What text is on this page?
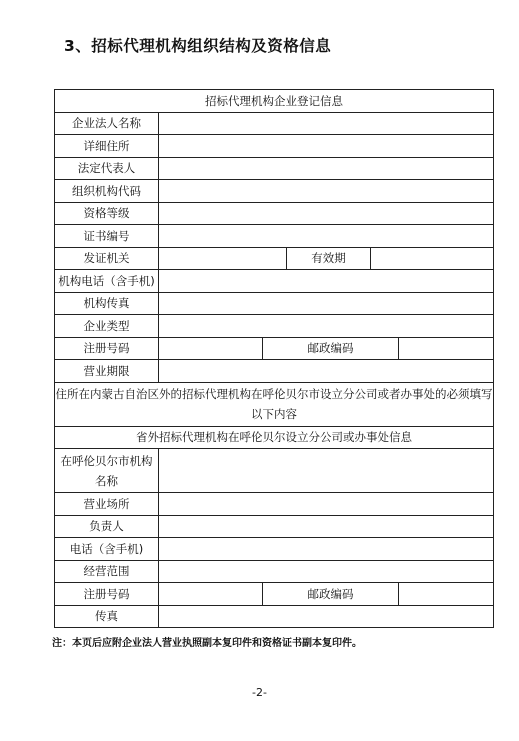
3、招标代理机构组织结构及资格信息
招标代理机构企业登记信息					
企业法人名称					
详细住所					
法定代表人					
组织机构代码					
资格等级					
证书编号					
发证机关			有效期		
机构电话（含手机)					
机构传真					
企业类型					
注册号码		邮政编码			
营业期限					
住所在内蒙古自治区外的招标代理机构在呼伦贝尔市设立分公司或者办事处的必须填写以下内容					
省外招标代理机构在呼伦贝尔设立分公司或办事处信息					
在呼伦贝尔市机构名称					
营业场所					
负责人					
电话（含手机)					
经营范围					
注册号码		邮政编码			
传真					
注：本页后应附企业法人营业执照副本复印件和资格证书副本复印件。
-2-
